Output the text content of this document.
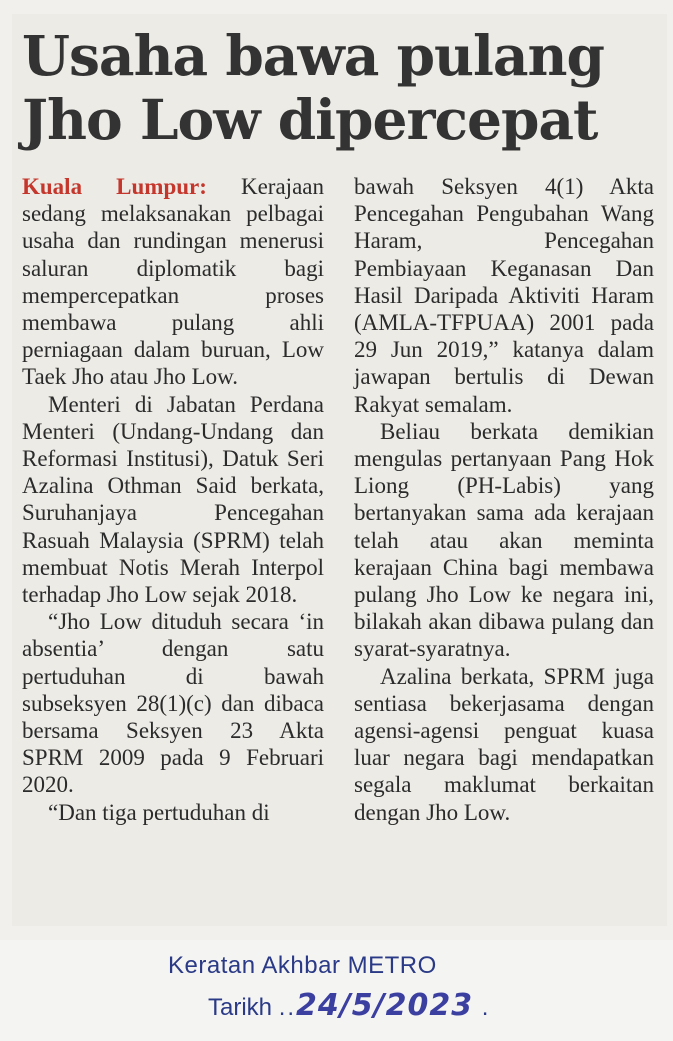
Usaha bawa pulang
Jho Low dipercepat

Kuala Lumpur: Kerajaan sedang melaksanakan pelbagai usaha dan rundingan menerusi saluran diplomatik bagi mempercepatkan proses membawa pulang ahli perniagaan dalam buruan, Low Taek Jho atau Jho Low.

Menteri di Jabatan Perdana Menteri (Undang-Undang dan Reformasi Institusi), Datuk Seri Azalina Othman Said berkata, Suruhanjaya Pencegahan Rasuah Malaysia (SPRM) telah membuat Notis Merah Interpol terhadap Jho Low sejak 2018.

“Jho Low dituduh secara ‘in absentia’ dengan satu pertuduhan di bawah subseksyen 28(1)(c) dan dibaca bersama Seksyen 23 Akta SPRM 2009 pada 9 Februari 2020.

“Dan tiga pertuduhan di

bawah Seksyen 4(1) Akta Pencegahan Pengubahan Wang Haram, Pencegahan Pembiayaan Keganasan Dan Hasil Daripada Aktiviti Haram (AMLA-TFPUAA) 2001 pada 29 Jun 2019,” katanya dalam jawapan bertulis di Dewan Rakyat semalam.

Beliau berkata demikian mengulas pertanyaan Pang Hok Liong (PH-Labis) yang bertanyakan sama ada kerajaan telah atau akan meminta kerajaan China bagi membawa pulang Jho Low ke negara ini, bilakah akan dibawa pulang dan syarat-syaratnya.

Azalina berkata, SPRM juga sentiasa bekerjasama dengan agensi-agensi penguat kuasa luar negara bagi mendapatkan segala maklumat berkaitan dengan Jho Low.

Keratan Akhbar METRO
Tarikh ..24/5/2023 .
